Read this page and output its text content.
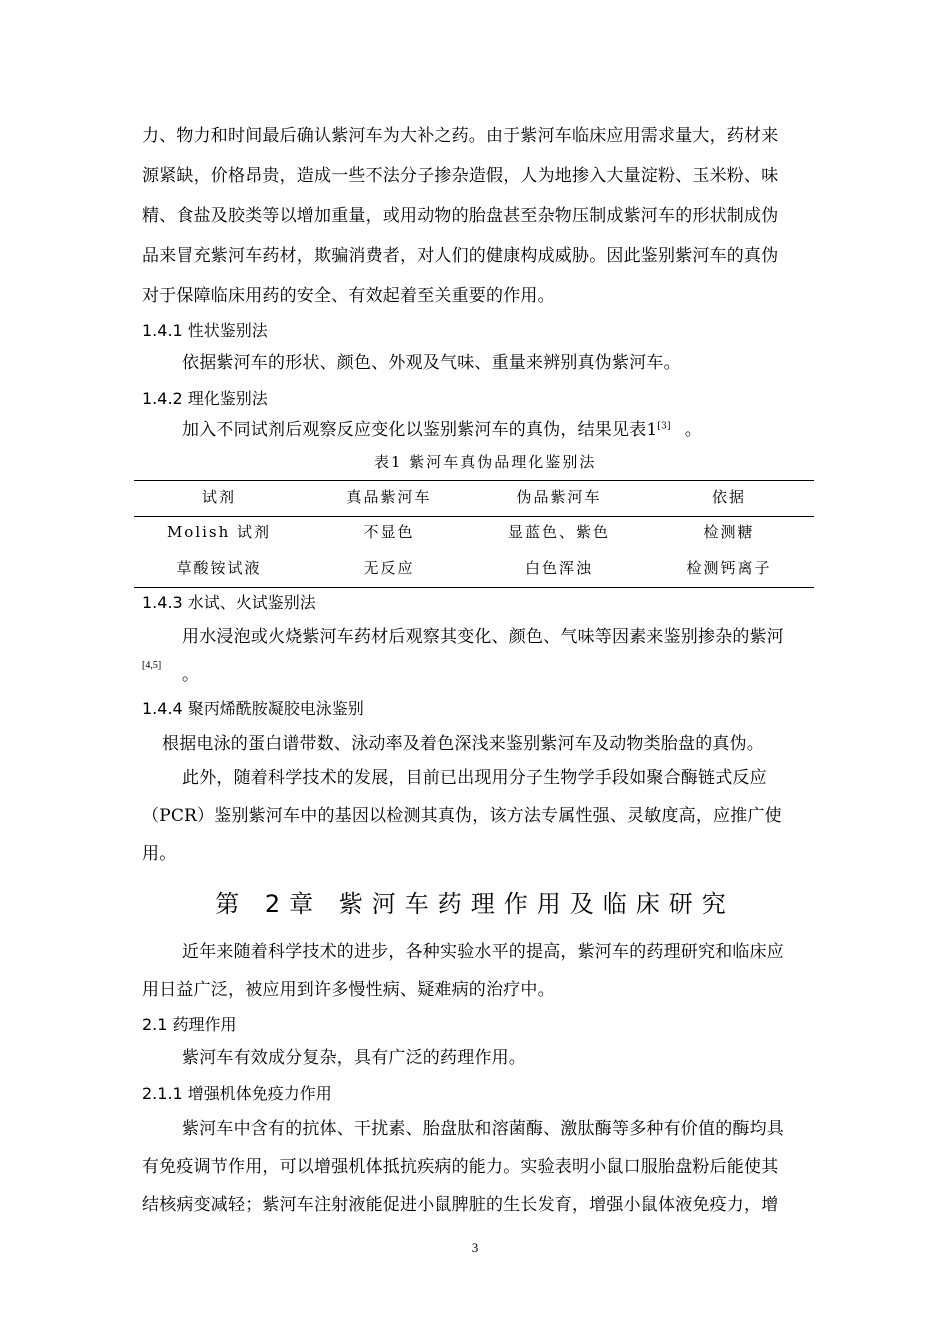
力、物力和时间最后确认紫河车为大补之药。由于紫河车临床应用需求量大，药材来
源紧缺，价格昂贵，造成一些不法分子掺杂造假，人为地掺入大量淀粉、玉米粉、味
精、食盐及胶类等以增加重量，或用动物的胎盘甚至杂物压制成紫河车的形状制成伪
品来冒充紫河车药材，欺骗消费者，对人们的健康构成威胁。因此鉴别紫河车的真伪
对于保障临床用药的安全、有效起着至关重要的作用。
1.4.1 性状鉴别法
依据紫河车的形状、颜色、外观及气味、重量来辨别真伪紫河车。
1.4.2 理化鉴别法
加入不同试剂后观察反应变化以鉴别紫河车的真伪，结果见表1[3] 。
表1 紫河车真伪品理化鉴别法
试剂	真品紫河车	伪品紫河车	依据
Molish 试剂	不显色	显蓝色、紫色	检测糖
草酸铵试液	无反应	白色浑浊	检测钙离子
1.4.3 水试、火试鉴别法
用水浸泡或火烧紫河车药材后观察其变化、颜色、气味等因素来鉴别掺杂的紫河
[4,5] 。
1.4.4 聚丙烯酰胺凝胶电泳鉴别
根据电泳的蛋白谱带数、泳动率及着色深浅来鉴别紫河车及动物类胎盘的真伪。
此外，随着科学技术的发展，目前已出现用分子生物学手段如聚合酶链式反应
（PCR）鉴别紫河车中的基因以检测其真伪，该方法专属性强、灵敏度高，应推广使
用。
第 2章 紫河车药理作用及临床研究
近年来随着科学技术的进步，各种实验水平的提高，紫河车的药理研究和临床应
用日益广泛，被应用到许多慢性病、疑难病的治疗中。
2.1 药理作用
紫河车有效成分复杂，具有广泛的药理作用。
2.1.1 增强机体免疫力作用
紫河车中含有的抗体、干扰素、胎盘肽和溶菌酶、激肽酶等多种有价值的酶均具
有免疫调节作用，可以增强机体抵抗疾病的能力。实验表明小鼠口服胎盘粉后能使其
结核病变减轻；紫河车注射液能促进小鼠脾脏的生长发育，增强小鼠体液免疫力，增
3
